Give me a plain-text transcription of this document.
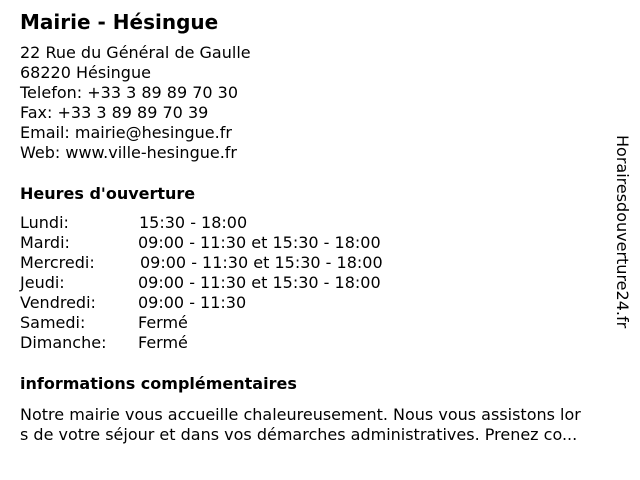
Mairie - Hésingue
22 Rue du Général de Gaulle
68220 Hésingue
Telefon: +33 3 89 89 70 30
Fax: +33 3 89 89 70 39
Email: mairie@hesingue.fr
Web: www.ville-hesingue.fr
Heures d'ouverture
Lundi:	15:30 - 18:00
Mardi:	09:00 - 11:30 et 15:30 - 18:00
Mercredi:	09:00 - 11:30 et 15:30 - 18:00
Jeudi:	09:00 - 11:30 et 15:30 - 18:00
Vendredi:	09:00 - 11:30
Samedi:	Fermé
Dimanche: Fermé
informations complémentaires
Notre mairie vous accueille chaleureusement. Nous vous assistons lor
s de votre séjour et dans vos démarches administratives. Prenez co...
Horairesdouverture24.fr
